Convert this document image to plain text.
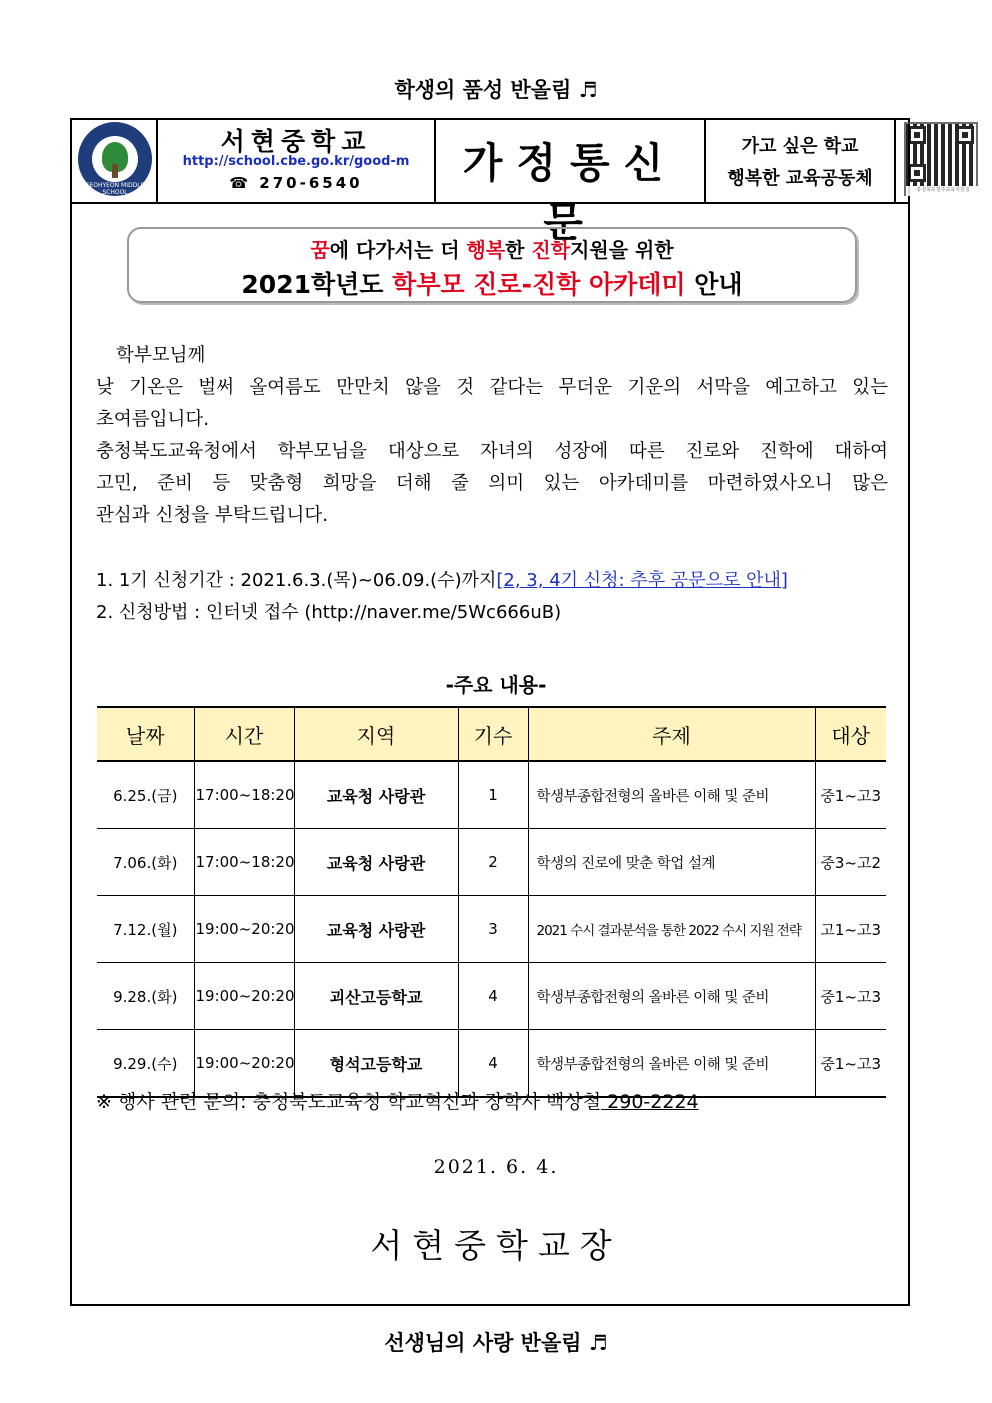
학생의 품성 반올림 ♬
SEOHYEON MIDDLE SCHOOL
서현중학교
http://school.cbe.go.kr/good-m
☎ 270-6540	가정통신문
가고 싶은 학교
행복한 교육공동체
충청북도청주교육지원청
꿈에 다가서는 더 행복한 진학지원을 위한
2021학년도 학부모 진로-진학 아카데미 안내
학부모님께
낮 기온은 벌써 올여름도 만만치 않을 것 같다는 무더운 기운의 서막을 예고하고 있는
초여름입니다.
충청북도교육청에서 학부모님을 대상으로 자녀의 성장에 따른 진로와 진학에 대하여
고민, 준비 등 맞춤형 희망을 더해 줄 의미 있는 아카데미를 마련하였사오니 많은
관심과 신청을 부탁드립니다.
1. 1기 신청기간 : 2021.6.3.(목)~06.09.(수)까지[2, 3, 4기 신청: 추후 공문으로 안내]
2. 신청방법 : 인터넷 접수 (http://naver.me/5Wc666uB)
-주요 내용-
날짜	시간	지역	기수	주제	대상
6.25.(금)	17:00~18:20	교육청 사랑관	1	학생부종합전형의 올바른 이해 및 준비	중1~고3
7.06.(화)	17:00~18:20	교육청 사랑관	2	학생의 진로에 맞춘 학업 설계	중3~고2
7.12.(월)	19:00~20:20	교육청 사랑관	3	2021 수시 결과분석을 통한 2022 수시 지원 전략	고1~고3
9.28.(화)	19:00~20:20	괴산고등학교	4	학생부종합전형의 올바른 이해 및 준비	중1~고3
9.29.(수)	19:00~20:20	형석고등학교	4	학생부종합전형의 올바른 이해 및 준비	중1~고3
※ 행사 관련 문의: 충청북도교육청 학교혁신과 장학사 백상철 290-2224
2021. 6. 4.
서현중학교장
선생님의 사랑 반올림 ♬
